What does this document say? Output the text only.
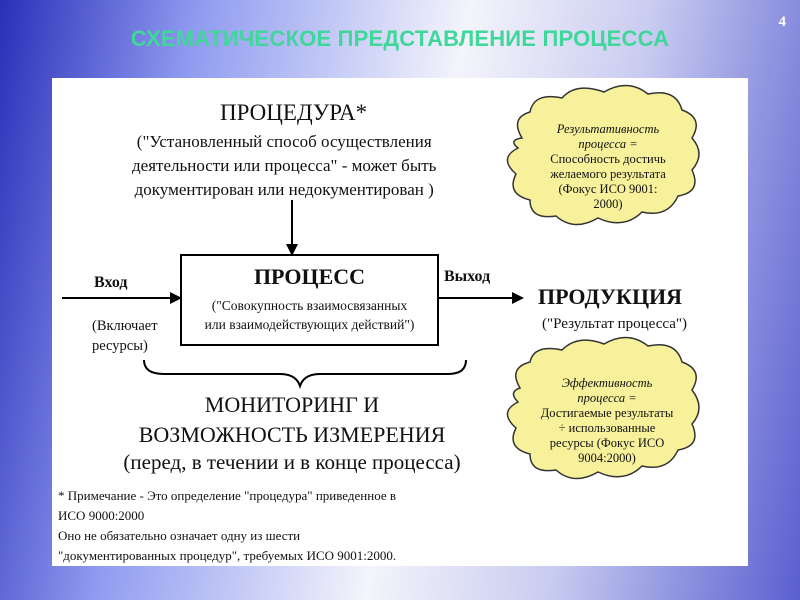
4
СХЕМАТИЧЕСКОЕ ПРЕДСТАВЛЕНИЕ ПРОЦЕССА
ПРОЦЕДУРА*
("Установленный способ осуществления
деятельности или процесса" - может быть
документирован или недокументирован )
ПРОЦЕСС
("Совокупность взаимосвязанных
или взаимодействующих действий")
Вход
(Включает
ресурсы)
Выход
ПРОДУКЦИЯ
("Результат процесса")
Результативность
процесса =
Способность достичь
желаемого результата
(Фокус ИСО 9001:
2000)
Эффективность
процесса =
Достигаемые результаты
÷ использованные
ресурсы (Фокус ИСО
9004:2000)
МОНИТОРИНГ И
ВОЗМОЖНОСТЬ ИЗМЕРЕНИЯ
(перед, в течении и в конце процесса)
* Примечание - Это определение "процедура" приведенное в
ИСО 9000:2000
Оно не обязательно означает одну из шести
"документированных процедур", требуемых ИСО 9001:2000.
